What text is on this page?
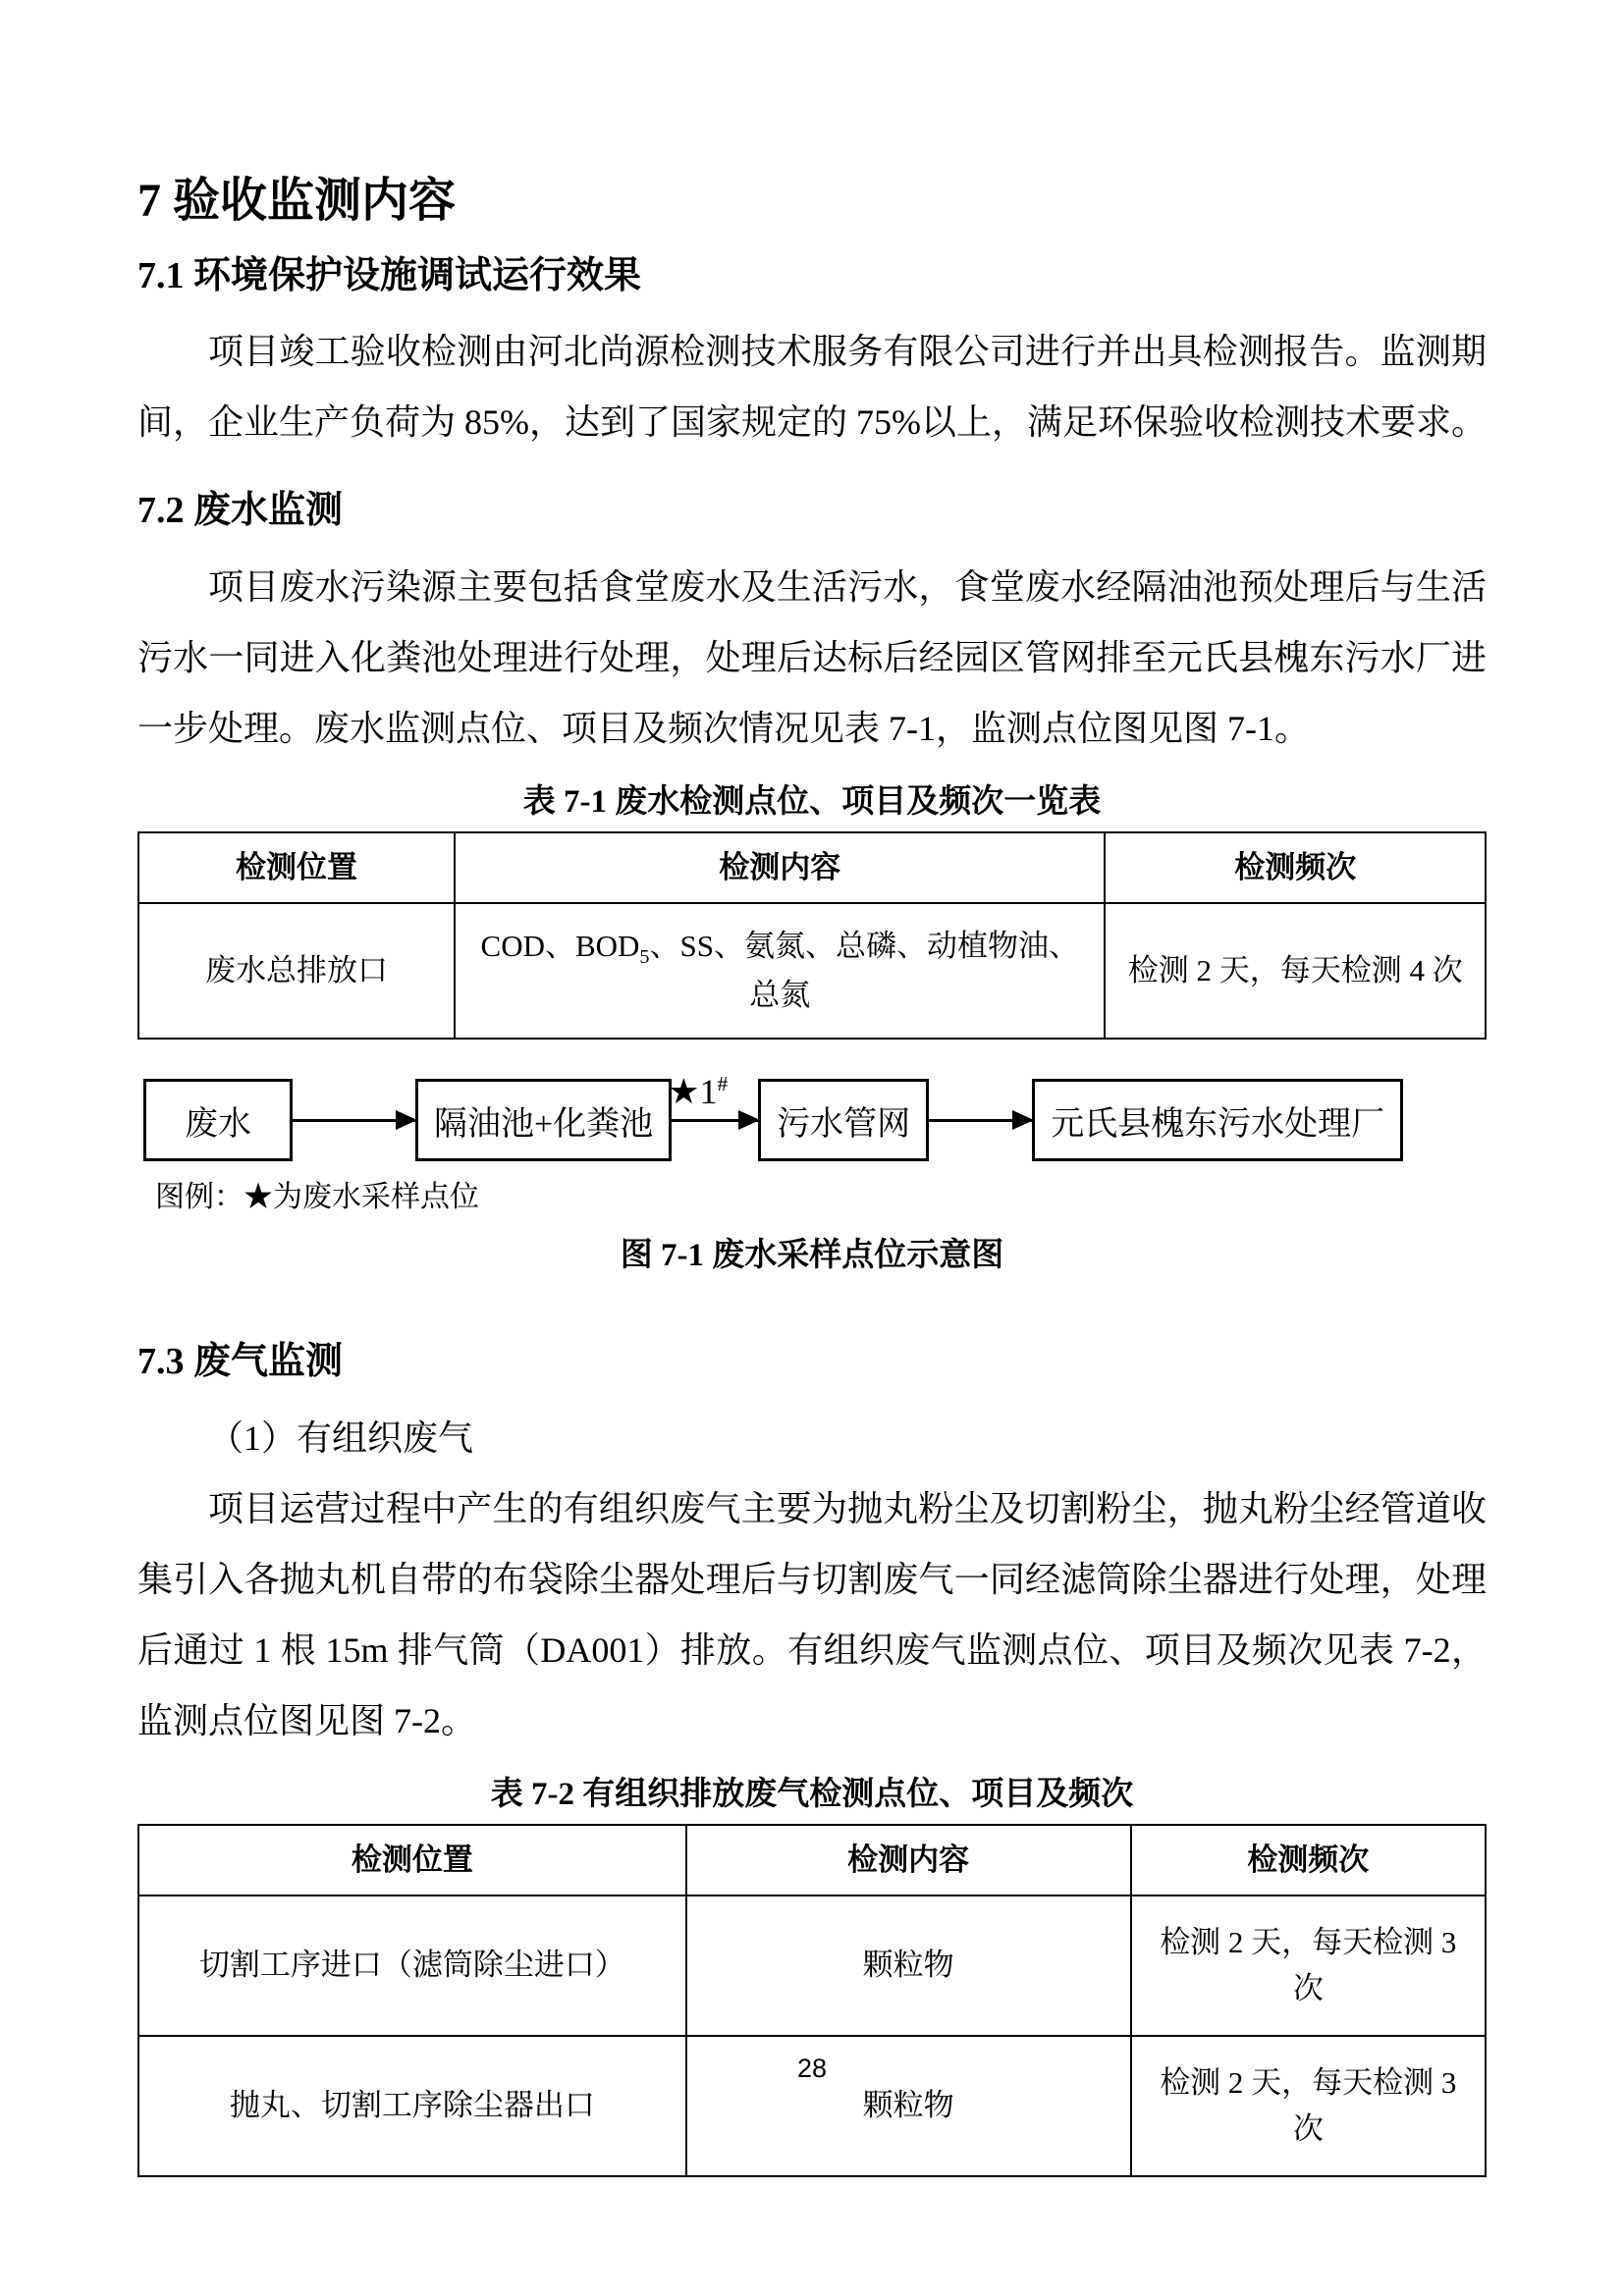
7 验收监测内容
7.1 环境保护设施调试运行效果

项目竣工验收检测由河北尚源检测技术服务有限公司进行并出具检测报告。监测期间，企业生产负荷为 85%，达到了国家规定的 75%以上，满足环保验收检测技术要求。

7.2 废水监测

项目废水污染源主要包括食堂废水及生活污水，食堂废水经隔油池预处理后与生活污水一同进入化粪池处理进行处理，处理后达标后经园区管网排至元氏县槐东污水厂进一步处理。废水监测点位、项目及频次情况见表 7-1，监测点位图见图 7-1。

表 7-1 废水检测点位、项目及频次一览表
检测位置	检测内容	检测频次
废水总排放口	COD、$BOD_5$、SS、氨氮、总磷、动植物油、总氮	检测 2 天，每天检测 4 次
废水	隔油池+化粪池
★1#
污水管网	元氏县槐东污水处理厂
图例：★为废水采样点位
图 7-1 废水采样点位示意图
7.3 废气监测

（1）有组织废气

项目运营过程中产生的有组织废气主要为抛丸粉尘及切割粉尘，抛丸粉尘经管道收集引入各抛丸机自带的布袋除尘器处理后与切割废气一同经滤筒除尘器进行处理，处理后通过 1 根 15m 排气筒（DA001）排放。有组织废气监测点位、项目及频次见表 7-2，监测点位图见图 7-2。

表 7-2 有组织排放废气检测点位、项目及频次
检测位置	检测内容	检测频次
切割工序进口（滤筒除尘进口）	颗粒物	检测 2 天，每天检测 3 次
抛丸、切割工序除尘器出口	颗粒物	检测 2 天，每天检测 3 次
28
